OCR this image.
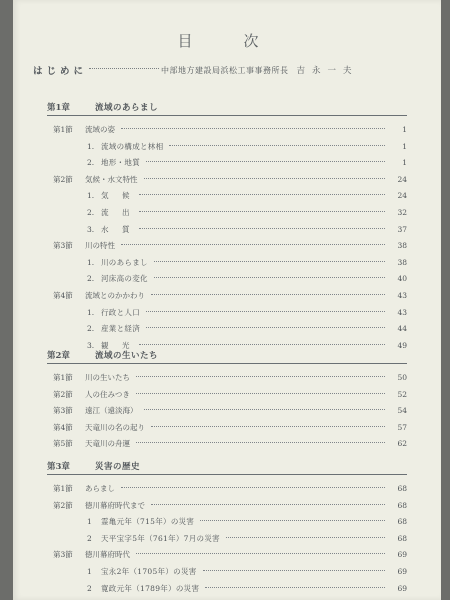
目　次
はじめに	中部地方建設局浜松工事事務所長 吉永一夫
第1章	流域のあらまし
第1節	流域の姿	1
1. 流域の構成と林相	1
2. 地形・地質	1
第2節	気候・水文特性	24
1. 気　候	24
2. 流　出	32
3. 水　質	37
第3節	川の特性	38
1. 川のあらまし	38
2. 河床高の変化	40
第4節	流域とのかかわり	43
1. 行政と人口	43
2. 産業と経済	44
3. 観　光	49
第2章	流域の生いたち
第1節	川の生いたち	50
第2節	人の住みつき	52
第3節	遠江（遠淡海）	54
第4節	天竜川の名の起り	57
第5節	天竜川の舟運	62
第3章	災害の歴史
第1節	あらまし	68
第2節	徳川幕府時代まで	68
1	霊亀元年（715年）の災害	68
2	天平宝字5年（761年）7月の災害	68
第3節	徳川幕府時代	69
1	宝永2年（1705年）の災害	69
2	寛政元年（1789年）の災害	69
